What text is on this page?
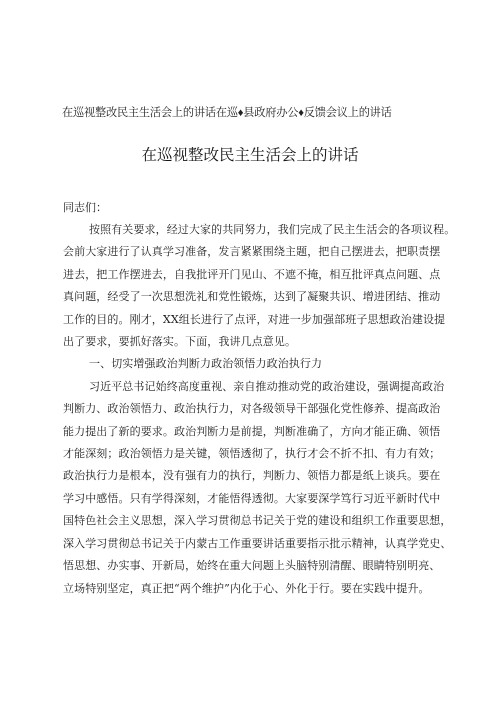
在巡视整改民主生活会上的讲话在巡♦县政府办公♦反馈会议上的讲话
在巡视整改民主生活会上的讲话
同志们：
按照有关要求，经过大家的共同努力，我们完成了民主生活会的各项议程。
会前大家进行了认真学习准备，发言紧紧围绕主题，把自己摆进去，把职责摆
进去，把工作摆进去，自我批评开门见山、不遮不掩，相互批评真点问题、点
真问题，经受了一次思想洗礼和党性锻炼，达到了凝聚共识、增进团结、推动
工作的目的。刚才，XX组长进行了点评，对进一步加强部班子思想政治建设提
出了要求，要抓好落实。下面，我讲几点意见。
一、切实增强政治判断力政治领悟力政治执行力
习近平总书记始终高度重视、亲自推动推动党的政治建设，强调提高政治
判断力、政治领悟力、政治执行力，对各级领导干部强化党性修养、提高政治
能力提出了新的要求。政治判断力是前提，判断准确了，方向才能正确、领悟
才能深刻；政治领悟力是关键，领悟透彻了，执行才会不折不扣、有力有效；
政治执行力是根本，没有强有力的执行，判断力、领悟力都是纸上谈兵。要在
学习中感悟。只有学得深刻，才能悟得透彻。大家要深学笃行习近平新时代中
国特色社会主义思想，深入学习贯彻总书记关于党的建设和组织工作重要思想，
深入学习贯彻总书记关于内蒙古工作重要讲话重要指示批示精神，认真学党史、
悟思想、办实事、开新局，始终在重大问题上头脑特别清醒、眼睛特别明亮、
立场特别坚定，真正把“两个维护”内化于心、外化于行。要在实践中提升。
